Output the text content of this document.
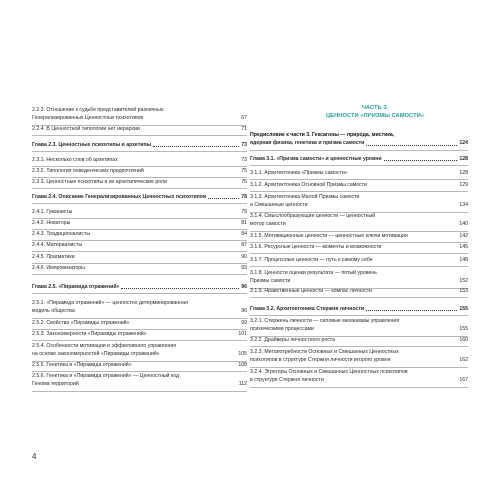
2.2.3. Отношение к судьбе представителей различных
Генерализированных Ценностных психотипов	67
2.2.4. В Ценностной типологии нет иерархии	71
Глава 2.3. Ценностные психотипы и архетипы	73
2.3.1. Несколько слов об архетипах	73
2.3.2. Типология поведенческих предпочтений	75
2.3.3. Ценностные психотипы и их архетипические роли	75
Глава 2.4. Описание Генерализированных Ценностных психотипов	78
2.4.1. Гуманисты	79
2.4.2. Новаторы	81
2.4.3. Традиционалисты	84
2.4.4. Материалисты	87
2.4.5. Прагматики	90
2.4.6. Импровизаторы	93
Глава 2.5. «Пирамида отражений»	96
2.5.1. «Пирамида отражений» — ценностно детерминированная
модель общества	96
2.5.2. Свойства «Пирамиды отражений»	99
2.5.3. Закономерности «Пирамиды отражений»	101
2.5.4. Особенности мотивации и эффективного управления
на основе закономерностей «Пирамиды отражений»	105
2.5.5. Генетика и «Пирамида отражений»	108
2.5.6. Генетика и «Пирамида отражений» — Ценностный код
Генома территорий	112
ЧАСТЬ 3.
ЦЕННОСТИ «ПРИЗМЫ САМОСТИ»
Предисловие к части 3. Гексагоны — природа, мистика,
ядерная физика, генетика и призма самости	124
Глава 3.1. «Призма самости» и ценностные уровни	128
3.1.1. Архитектоника «Призмы самости»	128
3.1.2. Архитектоника Основной Призмы самости	129
3.1.3. Архитектоника Малой Призмы самости
и Смешанные ценности	134
3.1.4. Смыслообразующие ценности — ценностный
мотор самости	140
3.1.5. Мотивационные ценности — ценностные ключи мотивации	142
3.1.6. Ресурсные ценности — моменты и возможности	145
3.1.7. Процессные ценности — путь к самому себе	148
3.1.8. Ценности оценки результата — пятый уровень
Призмы самости	152
3.1.9. Нравственные ценности — компас личности	153
Глава 3.2. Архитектоника Стержня личности	155
3.2.1. Стержень личности — силовые механизмы управления
психическими процессами	155
3.2.2. Драйверы личностного роста	160
3.2.3. Метапотребности Основных и Смешанных Ценностных
психотипов в структуре Стержня личности второго уровня	162
3.2.4. Эгрегоры Основных и Смешанных Ценностных психотипов
в структуре Стержня личности	167
4
